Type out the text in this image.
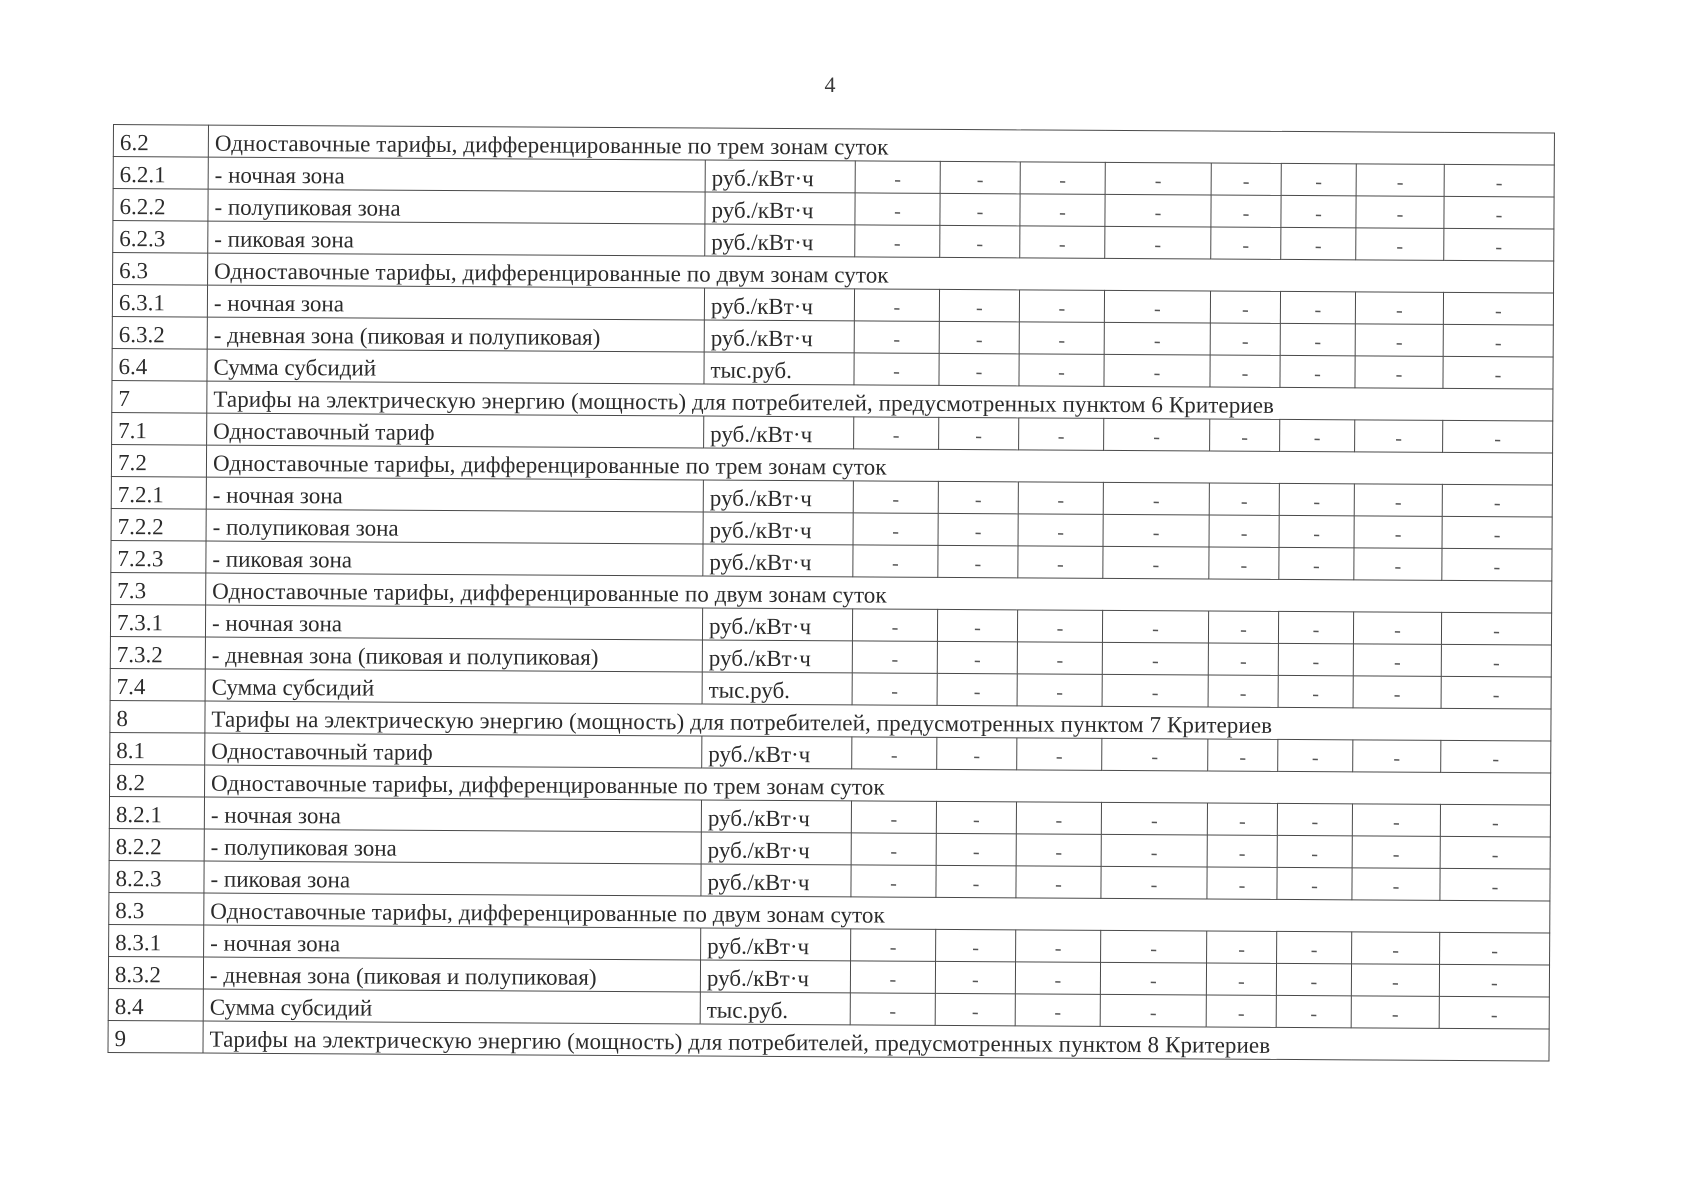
4
6.2	Одноставочные тарифы, дифференцированные по трем зонам суток									
6.2.1	- ночная зона	руб./кВт·ч	-	-	-	-	-	-	-	-
6.2.2	- полупиковая зона	руб./кВт·ч	-	-	-	-	-	-	-	-
6.2.3	- пиковая зона	руб./кВт·ч	-	-	-	-	-	-	-	-
6.3	Одноставочные тарифы, дифференцированные по двум зонам суток									
6.3.1	- ночная зона	руб./кВт·ч	-	-	-	-	-	-	-	-
6.3.2	- дневная зона (пиковая и полупиковая)	руб./кВт·ч	-	-	-	-	-	-	-	-
6.4	Сумма субсидий	тыс.руб.	-	-	-	-	-	-	-	-
7	Тарифы на электрическую энергию (мощность) для потребителей, предусмотренных пунктом 6 Критериев									
7.1	Одноставочный тариф	руб./кВт·ч	-	-	-	-	-	-	-	-
7.2	Одноставочные тарифы, дифференцированные по трем зонам суток									
7.2.1	- ночная зона	руб./кВт·ч	-	-	-	-	-	-	-	-
7.2.2	- полупиковая зона	руб./кВт·ч	-	-	-	-	-	-	-	-
7.2.3	- пиковая зона	руб./кВт·ч	-	-	-	-	-	-	-	-
7.3	Одноставочные тарифы, дифференцированные по двум зонам суток									
7.3.1	- ночная зона	руб./кВт·ч	-	-	-	-	-	-	-	-
7.3.2	- дневная зона (пиковая и полупиковая)	руб./кВт·ч	-	-	-	-	-	-	-	-
7.4	Сумма субсидий	тыс.руб.	-	-	-	-	-	-	-	-
8	Тарифы на электрическую энергию (мощность) для потребителей, предусмотренных пунктом 7 Критериев									
8.1	Одноставочный тариф	руб./кВт·ч	-	-	-	-	-	-	-	-
8.2	Одноставочные тарифы, дифференцированные по трем зонам суток									
8.2.1	- ночная зона	руб./кВт·ч	-	-	-	-	-	-	-	-
8.2.2	- полупиковая зона	руб./кВт·ч	-	-	-	-	-	-	-	-
8.2.3	- пиковая зона	руб./кВт·ч	-	-	-	-	-	-	-	-
8.3	Одноставочные тарифы, дифференцированные по двум зонам суток									
8.3.1	- ночная зона	руб./кВт·ч	-	-	-	-	-	-	-	-
8.3.2	- дневная зона (пиковая и полупиковая)	руб./кВт·ч	-	-	-	-	-	-	-	-
8.4	Сумма субсидий	тыс.руб.	-	-	-	-	-	-	-	-
9	Тарифы на электрическую энергию (мощность) для потребителей, предусмотренных пунктом 8 Критериев									
